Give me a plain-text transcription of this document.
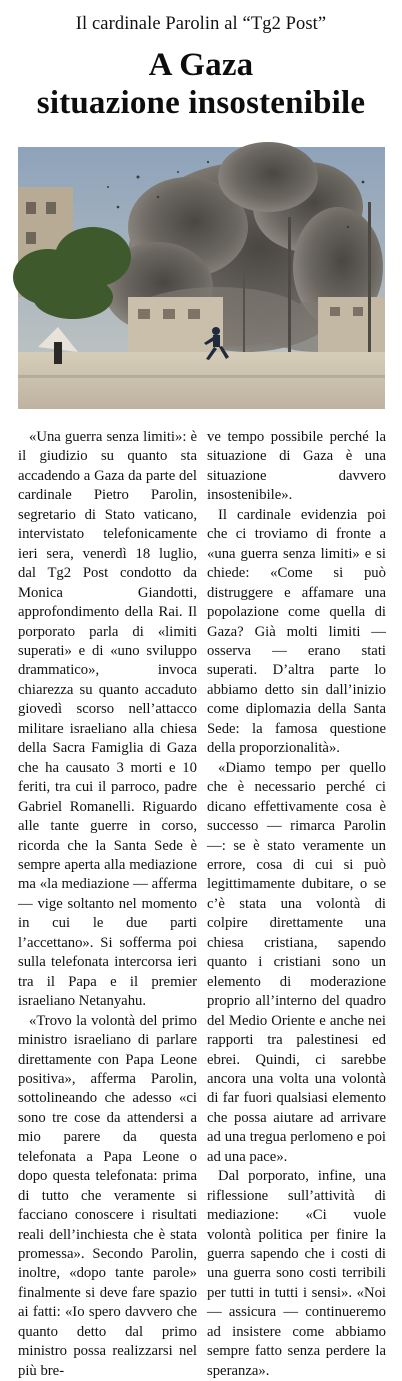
Il cardinale Parolin al “Tg2 Post”
A Gaza
situazione insostenibile

«Una guerra senza limiti»: è il giudizio su quanto sta accadendo a Gaza da parte del cardinale Pietro Parolin, segretario di Stato vaticano, intervistato telefonicamente ieri sera, venerdì 18 luglio, dal Tg2 Post condotto da Monica Giandotti, approfondimento della Rai. Il porporato parla di «limiti superati» e di «uno sviluppo drammatico», invoca chiarezza su quanto accaduto giovedì scorso nell’attacco militare israeliano alla chiesa della Sacra Famiglia di Gaza che ha causato 3 morti e 10 feriti, tra cui il parroco, padre Gabriel Romanelli. Riguardo alle tante guerre in corso, ricorda che la Santa Sede è sempre aperta alla mediazione ma «la mediazione — afferma — vige soltanto nel momento in cui le due parti l’accettano». Si sofferma poi sulla telefonata intercorsa ieri tra il Papa e il premier israeliano Netanyahu.

«Trovo la volontà del primo ministro israeliano di parlare direttamente con Papa Leone positiva», afferma Parolin, sottolineando che adesso «ci sono tre cose da attendersi a mio parere da questa telefonata a Papa Leone o dopo questa telefonata: prima di tutto che veramente si facciano conoscere i risultati reali dell’inchiesta che è stata promessa». Secondo Parolin, inoltre, «dopo tante parole» finalmente si deve fare spazio ai fatti: «Io spero davvero che quanto detto dal primo ministro possa realizzarsi nel più bre-

ve tempo possibile perché la situazione di Gaza è una situazione davvero insostenibile».

Il cardinale evidenzia poi che ci troviamo di fronte a «una guerra senza limiti» e si chiede: «Come si può distruggere e affamare una popolazione come quella di Gaza? Già molti limiti — osserva — erano stati superati. D’altra parte lo abbiamo detto sin dall’inizio come diplomazia della Santa Sede: la famosa questione della proporzionalità».

«Diamo tempo per quello che è necessario perché ci dicano effettivamente cosa è successo — rimarca Parolin —: se è stato veramente un errore, cosa di cui si può legittimamente dubitare, o se c’è stata una volontà di colpire direttamente una chiesa cristiana, sapendo quanto i cristiani sono un elemento di moderazione proprio all’interno del quadro del Medio Oriente e anche nei rapporti tra palestinesi ed ebrei. Quindi, ci sarebbe ancora una volta una volontà di far fuori qualsiasi elemento che possa aiutare ad arrivare ad una tregua perlomeno e poi ad una pace».

Dal porporato, infine, una riflessione sull’attività di mediazione: «Ci vuole volontà politica per finire la guerra sapendo che i costi di una guerra sono costi terribili per tutti in tutti i sensi». «Noi — assicura — continueremo ad insistere come abbiamo sempre fatto senza perdere la speranza».
